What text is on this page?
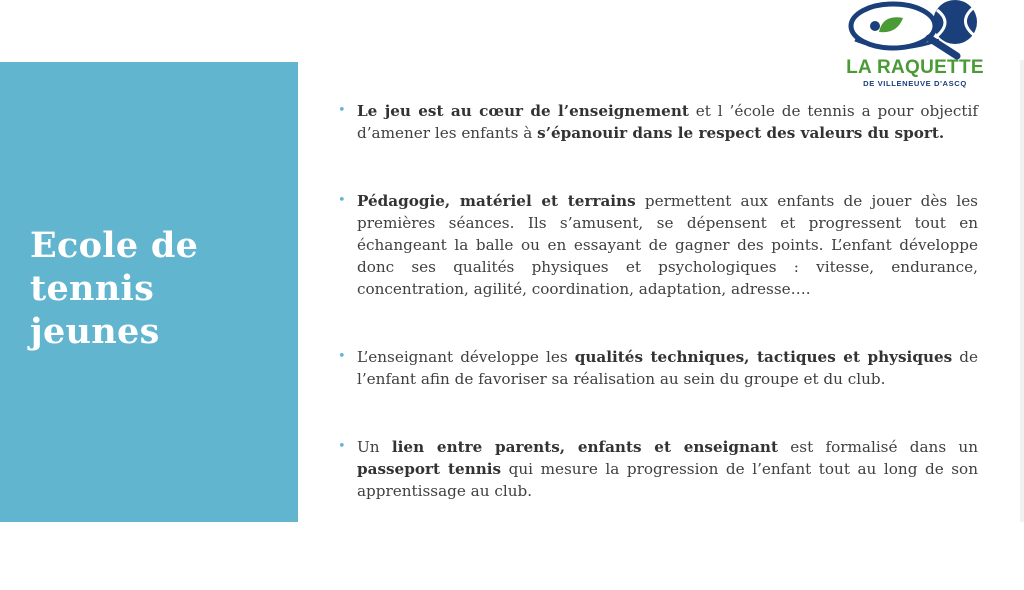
Ecole de
tennis
jeunes
LA RAQUETTE
DE VILLENEUVE D'ASCQ
• Le jeu est au cœur de l’enseignement et l ’école de tennis a pour objectif d’amener les enfants à s’épanouir dans le respect des valeurs du sport.
• Pédagogie, matériel et terrains permettent aux enfants de jouer dès les premières séances. Ils s’amusent, se dépensent et progressent tout en échangeant la balle ou en essayant de gagner des points. L’enfant développe donc ses qualités physiques et psychologiques : vitesse, endurance, concentration, agilité, coordination, adaptation, adresse….
• L’enseignant développe les qualités techniques, tactiques et physiques de l’enfant afin de favoriser sa réalisation au sein du groupe et du club.
• Un lien entre parents, enfants et enseignant est formalisé dans un passeport tennis qui mesure la progression de l’enfant tout au long de son apprentissage au club.
